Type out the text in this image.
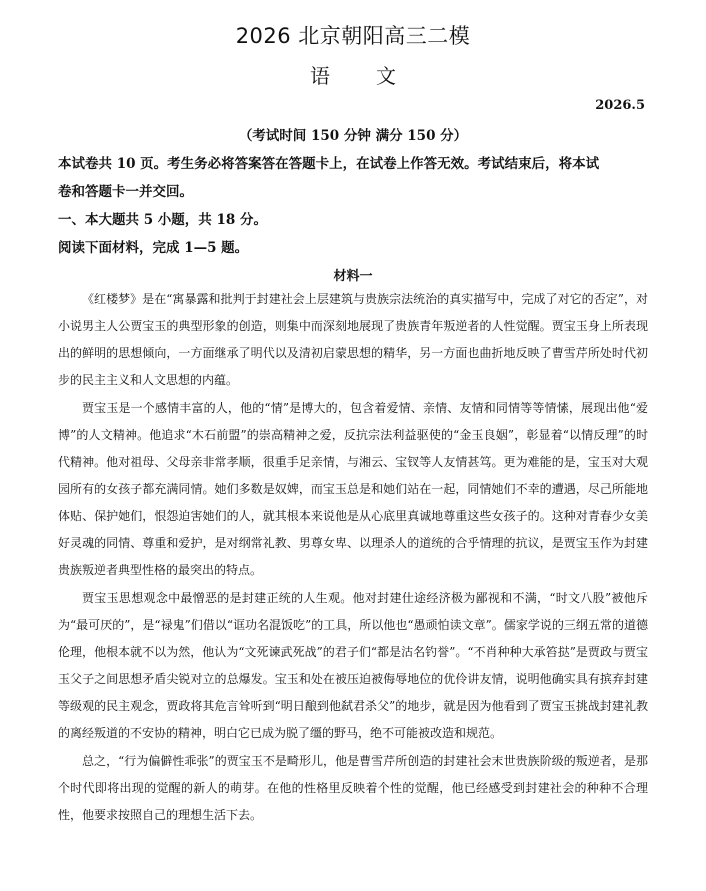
2026 北京朝阳高三二模
语文
2026.5
（考试时间 150 分钟 满分 150 分）
本试卷共 10 页。考生务必将答案答在答题卡上，在试卷上作答无效。考试结束后，将本试
卷和答题卡一并交回。
一、本大题共 5 小题，共 18 分。
阅读下面材料，完成 1—5 题。
材料一

《红楼梦》是在“寓暴露和批判于封建社会上层建筑与贵族宗法统治的真实描写中，完成了对它的否定”，对小说男主人公贾宝玉的典型形象的创造，则集中而深刻地展现了贵族青年叛逆者的人性觉醒。贾宝玉身上所表现出的鲜明的思想倾向，一方面继承了明代以及清初启蒙思想的精华，另一方面也曲折地反映了曹雪芹所处时代初步的民主主义和人文思想的内蕴。

贾宝玉是一个感情丰富的人，他的“情”是博大的，包含着爱情、亲情、友情和同情等等情愫，展现出他“爱博”的人文精神。他追求“木石前盟”的崇高精神之爱，反抗宗法利益驱使的“金玉良姻”，彰显着“以情反理”的时代精神。他对祖母、父母亲非常孝顺，很重手足亲情，与湘云、宝钗等人友情甚笃。更为难能的是，宝玉对大观园所有的女孩子都充满同情。她们多数是奴婢，而宝玉总是和她们站在一起，同情她们不幸的遭遇，尽己所能地体贴、保护她们，恨怨迫害她们的人，就其根本来说他是从心底里真诚地尊重这些女孩子的。这种对青春少女美好灵魂的同情、尊重和爱护，是对纲常礼教、男尊女卑、以理杀人的道统的合乎情理的抗议，是贾宝玉作为封建贵族叛逆者典型性格的最突出的特点。

贾宝玉思想观念中最憎恶的是封建正统的人生观。他对封建仕途经济极为鄙视和不满，“时文八股”被他斥为“最可厌的”，是“禄鬼”们借以“诓功名混饭吃”的工具，所以他也“愚顽怕读文章”。儒家学说的三纲五常的道德伦理，他根本就不以为然，他认为“文死谏武死战”的君子们“都是沽名钓誉”。“不肖种种大承笞挞”是贾政与贾宝玉父子之间思想矛盾尖锐对立的总爆发。宝玉和处在被压迫被侮辱地位的优伶讲友情，说明他确实具有摈弃封建等级观的民主观念，贾政将其危言耸听到“明日酿到他弑君杀父”的地步，就是因为他看到了贾宝玉挑战封建礼教的离经叛道的不安协的精神，明白它已成为脱了缰的野马，绝不可能被改造和规范。

总之，“行为偏僻性乖张”的贾宝玉不是畸形儿，他是曹雪芹所创造的封建社会末世贵族阶级的叛逆者，是那个时代即将出现的觉醒的新人的萌芽。在他的性格里反映着个性的觉醒，他已经感受到封建社会的种种不合理性，他要求按照自己的理想生活下去。
